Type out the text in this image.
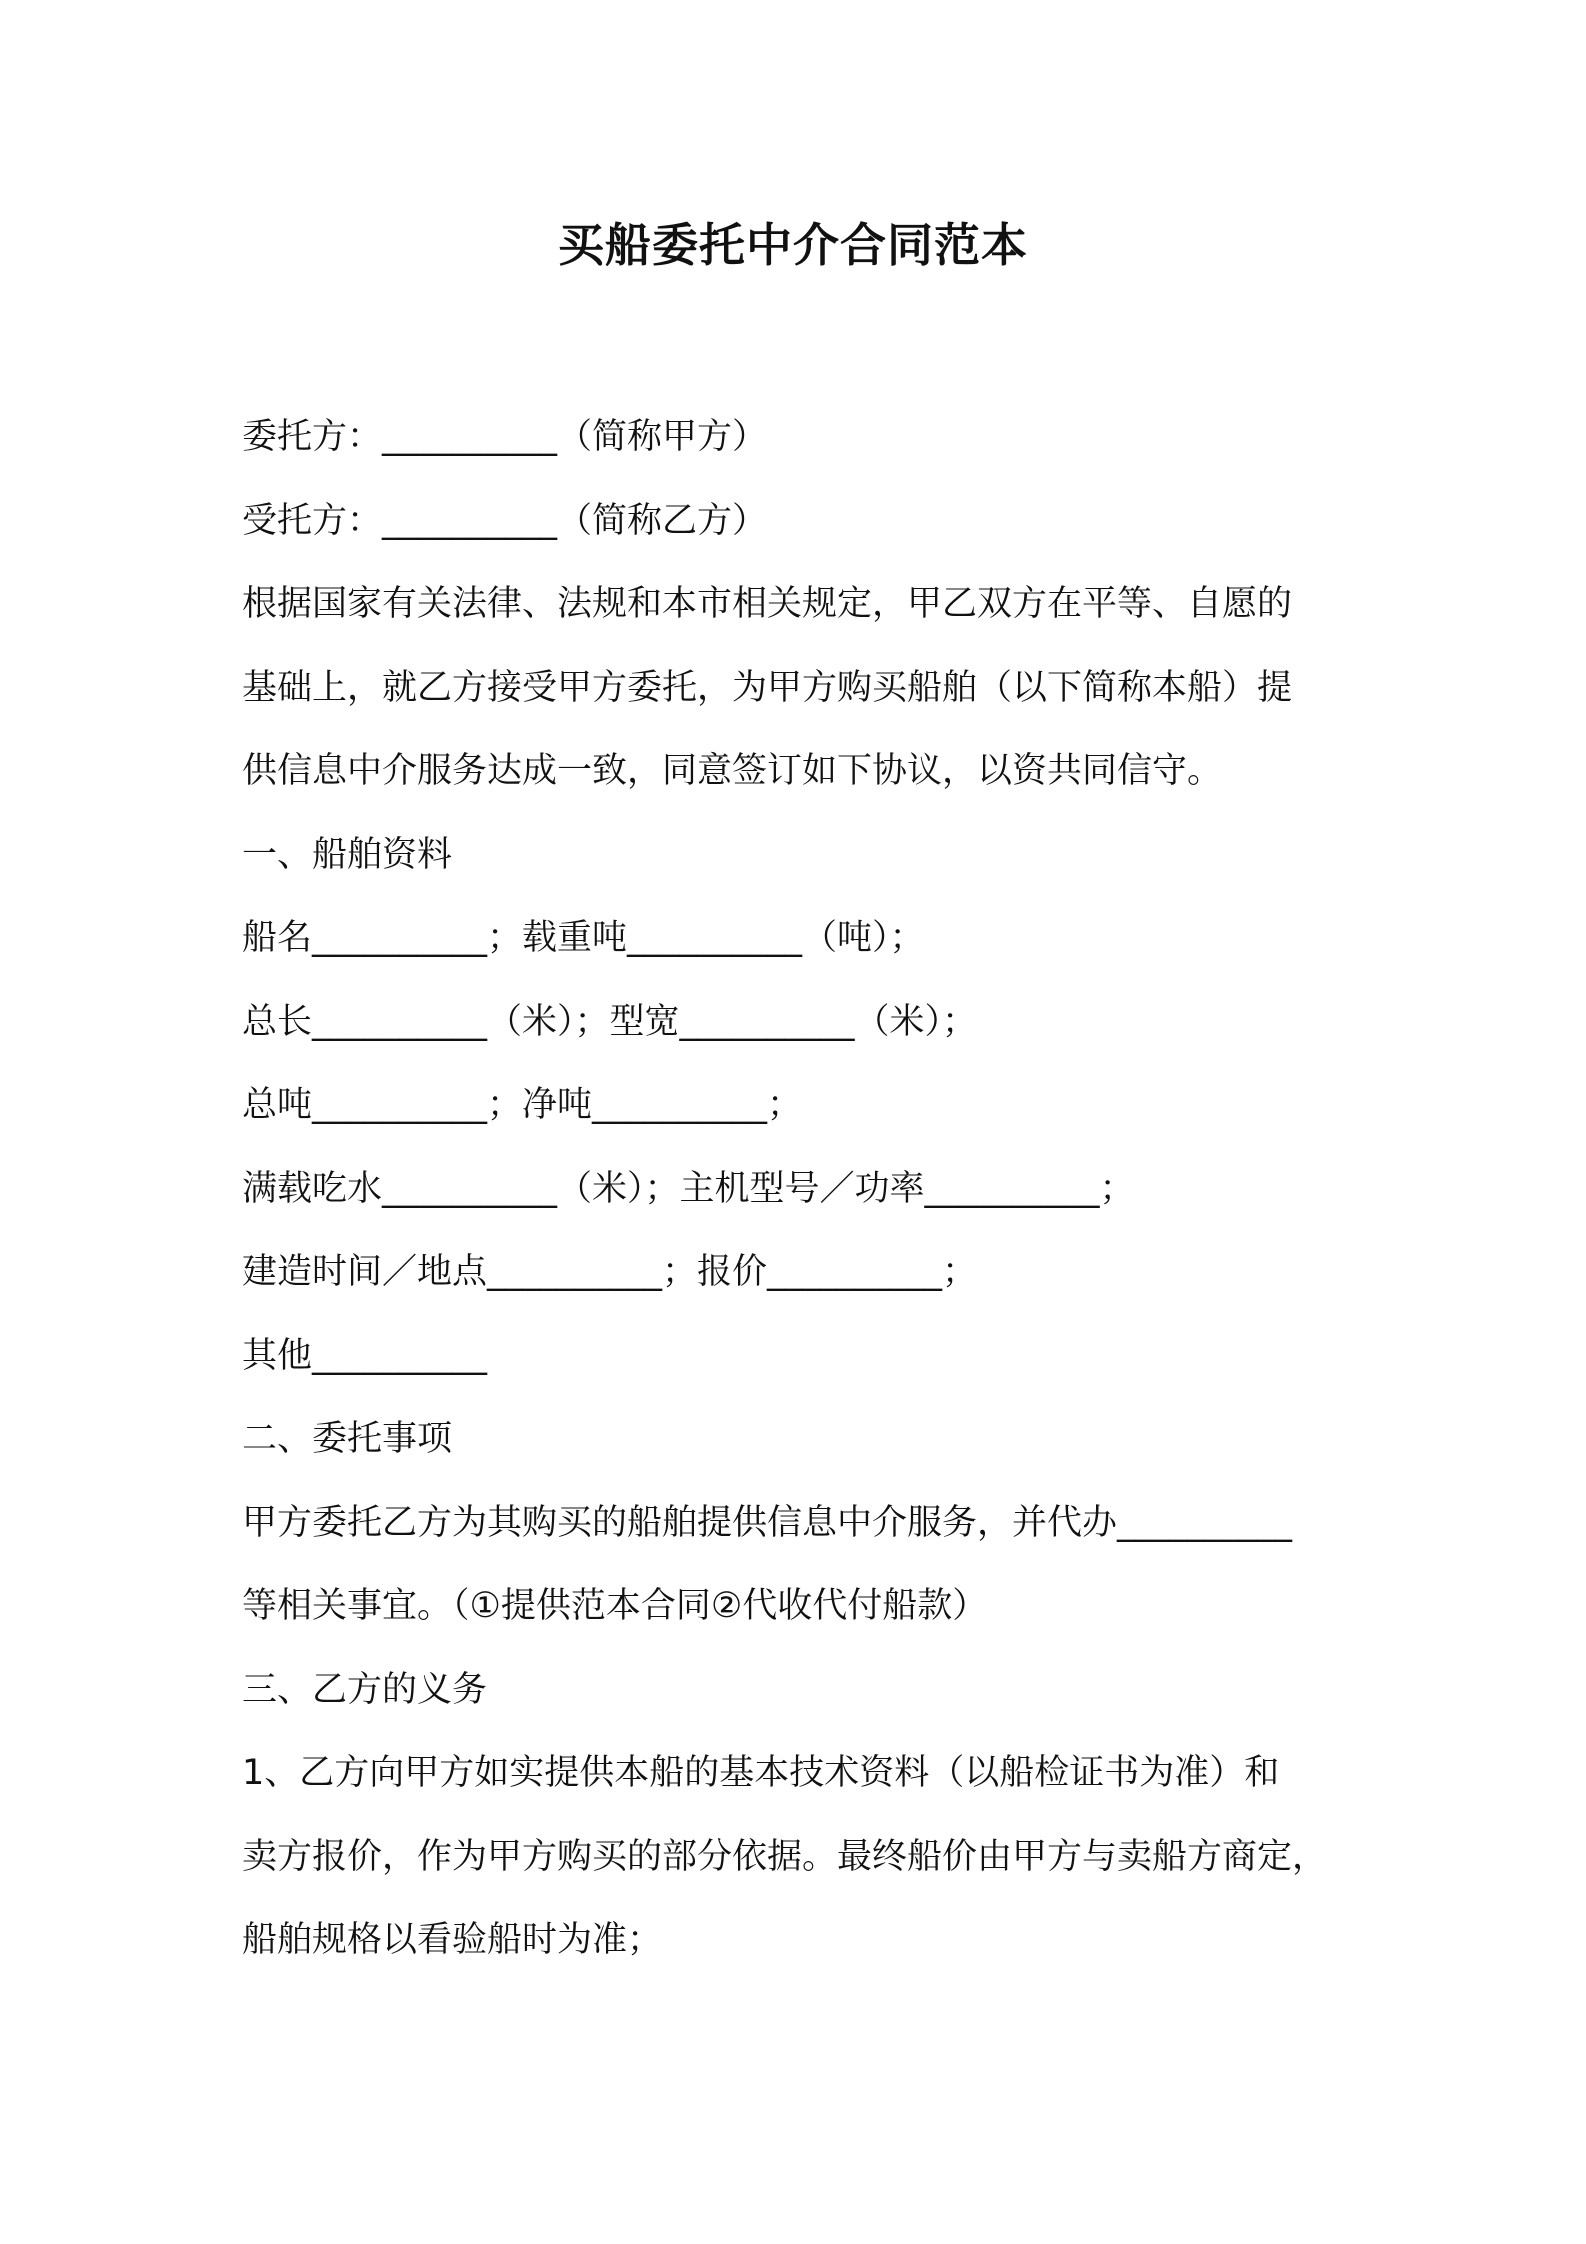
买船委托中介合同范本
委托方：__________（简称甲方）
受托方：__________（简称乙方）
根据国家有关法律、法规和本市相关规定，甲乙双方在平等、自愿的
基础上，就乙方接受甲方委托，为甲方购买船舶（以下简称本船）提
供信息中介服务达成一致，同意签订如下协议，以资共同信守。
一、船舶资料
船名__________；载重吨__________（吨）；
总长__________（米）；型宽__________（米）；
总吨__________；净吨__________；
满载吃水__________（米）；主机型号／功率__________；
建造时间／地点__________；报价__________；
其他__________
二、委托事项
甲方委托乙方为其购买的船舶提供信息中介服务，并代办__________
等相关事宜。（①提供范本合同②代收代付船款）
三、乙方的义务
1、乙方向甲方如实提供本船的基本技术资料（以船检证书为准）和
卖方报价，作为甲方购买的部分依据。最终船价由甲方与卖船方商定，
船舶规格以看验船时为准；
